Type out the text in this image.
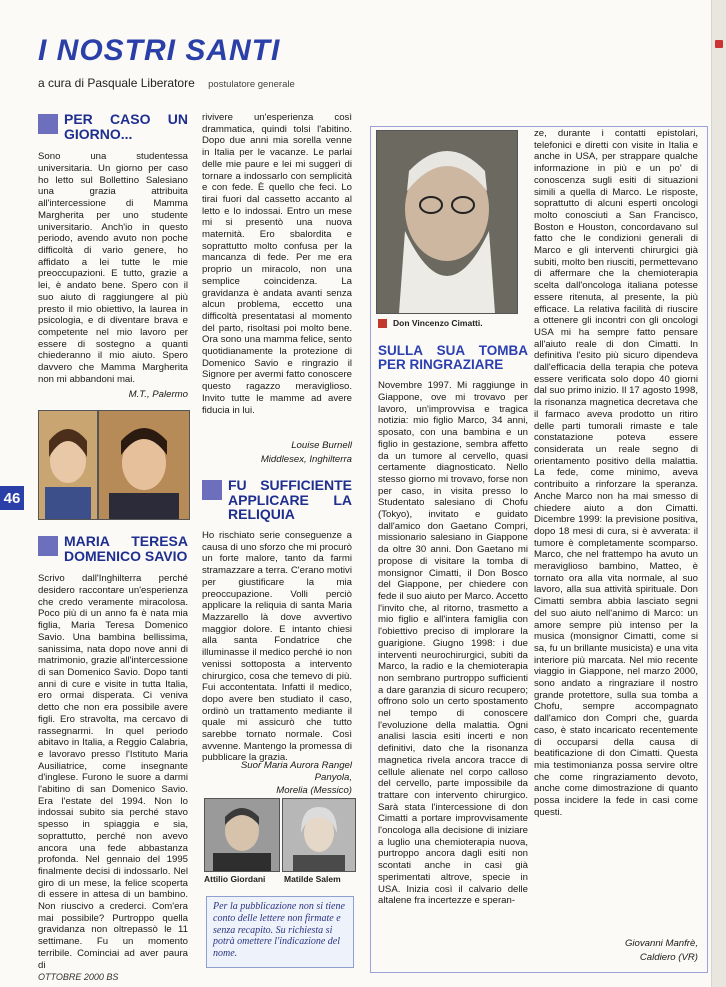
I NOSTRI SANTI
a cura di Pasquale Liberatore postulatore generale
PER CASO UN GIORNO...

Sono una studentessa universitaria. Un giorno per caso ho letto sul Bollettino Salesiano una grazia attribuita all'intercessione di Mamma Margherita per uno studente universitario. Anch'io in questo periodo, avendo avuto non poche difficoltà di vario genere, ho affidato a lei tutte le mie preoccupazioni. E tutto, grazie a lei, è andato bene. Spero con il suo aiuto di raggiungere al più presto il mio obiettivo, la laurea in psicologia, e di diventare brava e competente nel mio lavoro per essere di sostegno a quanti chiederanno il mio aiuto. Spero davvero che Mamma Margherita non mi abbandoni mai.

M.T., Palermo
46
MARIA TERESA DOMENICO SAVIO

Scrivo dall'Inghilterra perché desidero raccontare un'esperienza che credo veramente miracolosa. Poco più di un anno fa è nata mia figlia, Maria Teresa Domenico Savio. Una bambina bellissima, sanissima, nata dopo nove anni di matrimonio, grazie all'intercessione di san Domenico Savio. Dopo tanti anni di cure e visite in tutta Italia, ero ormai disperata. Ci veniva detto che non era possibile avere figli. Ero stravolta, ma cercavo di rassegnarmi. In quel periodo abitavo in Italia, a Reggio Calabria, e lavoravo presso l'Istituto Maria Ausiliatrice, come insegnante d'inglese. Furono le suore a darmi l'abitino di san Domenico Savio. Era l'estate del 1994. Non lo indossai subito sia perché stavo spesso in spiaggia e sia, soprattutto, perché non avevo ancora una fede abbastanza profonda. Nel gennaio del 1995 finalmente decisi di indossarlo. Nel giro di un mese, la felice scoperta di essere in attesa di un bambino. Non riuscivo a crederci. Com'era mai possibile? Purtroppo quella gravidanza non oltrepassò le 11 settimane. Fu un momento terribile. Cominciai ad aver paura di

OTTOBRE 2000 BS

rivivere un'esperienza così drammatica, quindi tolsi l'abitino. Dopo due anni mia sorella venne in Italia per le vacanze. Le parlai delle mie paure e lei mi suggerì di tornare a indossarlo con semplicità e con fede. È quello che feci. Lo tirai fuori dal cassetto accanto al letto e lo indossai. Entro un mese mi si presentò una nuova maternità. Ero sbalordita e soprattutto molto confusa per la mancanza di fede. Per me era proprio un miracolo, non una semplice coincidenza. La gravidanza è andata avanti senza alcun problema, eccetto una difficoltà presentatasi al momento del parto, risoltasi poi molto bene. Ora sono una mamma felice, sento quotidianamente la protezione di Domenico Savio e ringrazio il Signore per avermi fatto conoscere questo ragazzo meraviglioso. Invito tutte le mamme ad avere fiducia in lui.

Louise Burnell
Middlesex, Inghilterra
FU SUFFICIENTE APPLICARE LA RELIQUIA

Ho rischiato serie conseguenze a causa di uno sforzo che mi procurò un forte malore, tanto da farmi stramazzare a terra. C'erano motivi per giustificare la mia preoccupazione. Volli perciò applicare la reliquia di santa Maria Mazzarello là dove avvertivo maggior dolore. E intanto chiesi alla santa Fondatrice che illuminasse il medico perché io non venissi sottoposta a intervento chirurgico, cosa che temevo di più. Fui accontentata. Infatti il medico, dopo avere ben studiato il caso, ordinò un trattamento mediante il quale mi assicurò che tutto sarebbe tornato normale. Così avvenne. Mantengo la promessa di pubblicare la grazia.

Suor Maria Aurora Rangel Panyola,
Morelia (Messico)
Attilio Giordani Matilde Salem
Per la pubblicazione non si tiene conto delle lettere non firmate e senza recapito. Su richiesta si potrà omettere l'indicazione del nome.
Don Vincenzo Cimatti.
SULLA SUA TOMBA PER RINGRAZIARE

Novembre 1997. Mi raggiunge in Giappone, ove mi trovavo per lavoro, un'improvvisa e tragica notizia: mio figlio Marco, 34 anni, sposato, con una bambina e un figlio in gestazione, sembra affetto da un tumore al cervello, quasi certamente diagnosticato. Nello stesso giorno mi trovavo, forse non per caso, in visita presso lo Studentato salesiano di Chofu (Tokyo), invitato e guidato dall'amico don Gaetano Compri, missionario salesiano in Giappone da oltre 30 anni. Don Gaetano mi propose di visitare la tomba di monsignor Cimatti, il Don Bosco del Giappone, per chiedere con fede il suo aiuto per Marco. Accetto l'invito che, al ritorno, trasmetto a mio figlio e all'intera famiglia con l'obiettivo preciso di implorare la guarigione. Giugno 1998: i due interventi neurochirurgici, subiti da Marco, la radio e la chemioterapia non sembrano purtroppo sufficienti a dare garanzia di sicuro recupero; offrono solo un certo spostamento nel tempo di conoscere l'evoluzione della malattia. Ogni analisi lascia esiti incerti e non definitivi, dato che la risonanza magnetica rivela ancora tracce di cellule alienate nel corpo calloso del cervello, parte impossibile da trattare con intervento chirurgico. Sarà stata l'intercessione di don Cimatti a portare improvvisamente l'oncologa alla decisione di iniziare a luglio una chemioterapia nuova, purtroppo ancora dagli esiti non scontati anche in casi già sperimentati altrove, specie in USA. Inizia così il calvario delle altalene fra incertezze e speran-

ze, durante i contatti epistolari, telefonici e diretti con visite in Italia e anche in USA, per strappare qualche informazione in più e un po' di conoscenza sugli esiti di situazioni simili a quella di Marco. Le risposte, soprattutto di alcuni esperti oncologi molto conosciuti a San Francisco, Boston e Houston, concordavano sul fatto che le condizioni generali di Marco e gli interventi chirurgici già subiti, molto ben riusciti, permettevano di affermare che la chemioterapia scelta dall'oncologa italiana potesse essere ritenuta, al presente, la più efficace. La relativa facilità di riuscire a ottenere gli incontri con gli oncologi USA mi ha sempre fatto pensare all'aiuto reale di don Cimatti. In definitiva l'esito più sicuro dipendeva dall'efficacia della terapia che poteva essere verificata solo dopo 40 giorni dal suo primo inizio. Il 17 agosto 1998, la risonanza magnetica decretava che il farmaco aveva prodotto un ritiro delle parti tumorali rimaste e tale constatazione poteva essere considerata un reale segno di orientamento positivo della malattia. La fede, come minimo, aveva contribuito a rinforzare la speranza. Anche Marco non ha mai smesso di chiedere aiuto a don Cimatti. Dicembre 1999: la previsione positiva, dopo 18 mesi di cura, si è avverata: il tumore è completamente scomparso. Marco, che nel frattempo ha avuto un meraviglioso bambino, Matteo, è tornato ora alla vita normale, al suo lavoro, alla sua attività spirituale. Don Cimatti sembra abbia lasciato segni del suo aiuto nell'animo di Marco: un amore sempre più intenso per la musica (monsignor Cimatti, come si sa, fu un brillante musicista) e una vita interiore più marcata. Nel mio recente viaggio in Giappone, nel marzo 2000, sono andato a ringraziare il nostro grande protettore, sulla sua tomba a Chofu, sempre accompagnato dall'amico don Compri che, guarda caso, è stato incaricato recentemente di occuparsi della causa di beatificazione di don Cimatti. Questa mia testimonianza possa servire oltre che come ringraziamento devoto, anche come dimostrazione di quanto possa incidere la fede in casi come questi.

Giovanni Manfrè,
Caldiero (VR)
